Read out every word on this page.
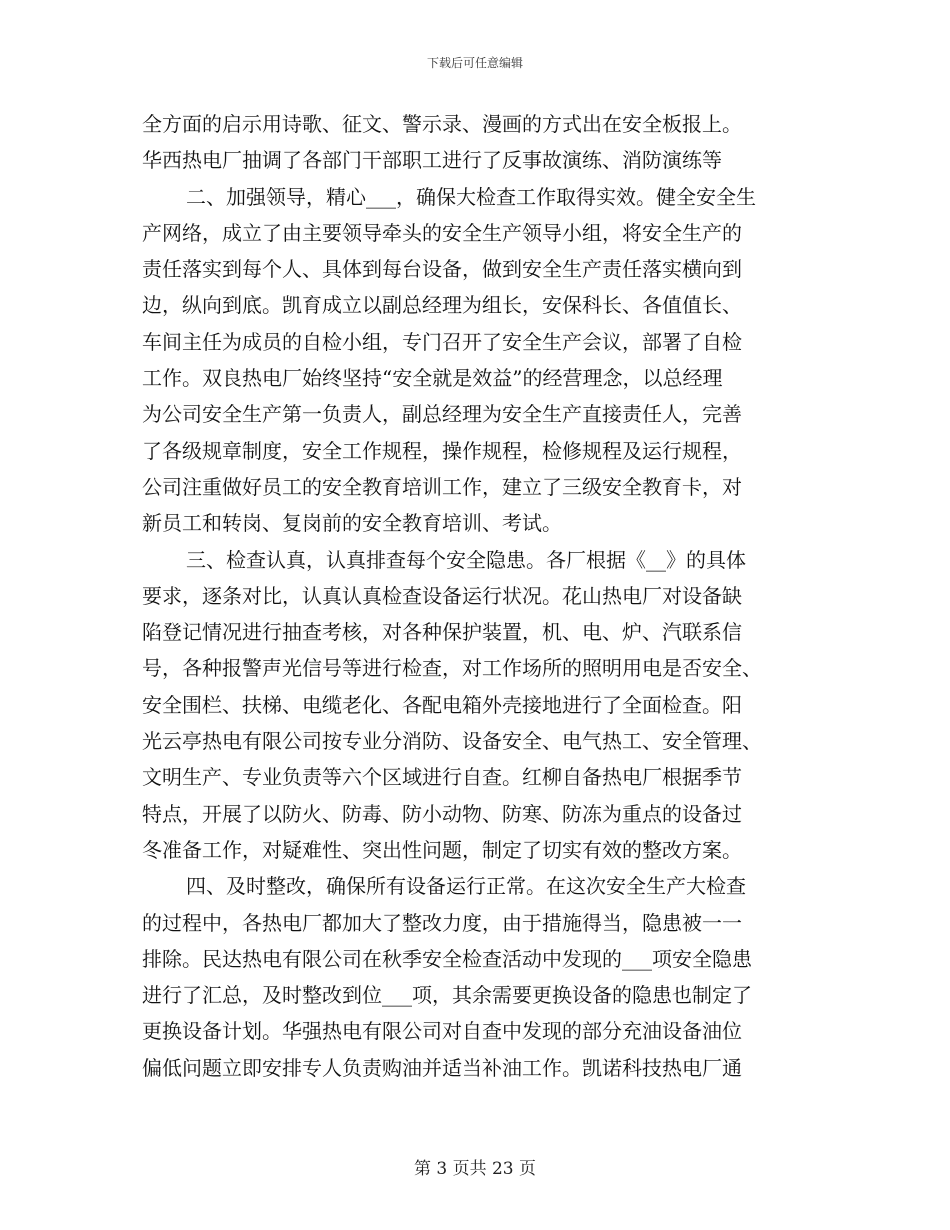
下载后可任意编辑
全方面的启示用诗歌、征文、警示录、漫画的方式出在安全板报上。
华西热电厂抽调了各部门干部职工进行了反事故演练、消防演练等
二、加强领导，精心___，确保大检查工作取得实效。健全安全生
产网络，成立了由主要领导牵头的安全生产领导小组，将安全生产的
责任落实到每个人、具体到每台设备，做到安全生产责任落实横向到
边，纵向到底。凯育成立以副总经理为组长，安保科长、各值值长、
车间主任为成员的自检小组，专门召开了安全生产会议，部署了自检
工作。双良热电厂始终坚持“安全就是效益”的经营理念，以总经理
为公司安全生产第一负责人，副总经理为安全生产直接责任人，完善
了各级规章制度，安全工作规程，操作规程，检修规程及运行规程，
公司注重做好员工的安全教育培训工作，建立了三级安全教育卡，对
新员工和转岗、复岗前的安全教育培训、考试。
三、检查认真，认真排查每个安全隐患。各厂根据《__》的具体
要求，逐条对比，认真认真检查设备运行状况。花山热电厂对设备缺
陷登记情况进行抽查考核，对各种保护装置，机、电、炉、汽联系信
号，各种报警声光信号等进行检查，对工作场所的照明用电是否安全、
安全围栏、扶梯、电缆老化、各配电箱外壳接地进行了全面检查。阳
光云亭热电有限公司按专业分消防、设备安全、电气热工、安全管理、
文明生产、专业负责等六个区域进行自查。红柳自备热电厂根据季节
特点，开展了以防火、防毒、防小动物、防寒、防冻为重点的设备过
冬准备工作，对疑难性、突出性问题，制定了切实有效的整改方案。
四、及时整改，确保所有设备运行正常。在这次安全生产大检查
的过程中，各热电厂都加大了整改力度，由于措施得当，隐患被一一
排除。民达热电有限公司在秋季安全检查活动中发现的___项安全隐患
进行了汇总，及时整改到位___项，其余需要更换设备的隐患也制定了
更换设备计划。华强热电有限公司对自查中发现的部分充油设备油位
偏低问题立即安排专人负责购油并适当补油工作。凯诺科技热电厂通
第 3 页共 23 页
